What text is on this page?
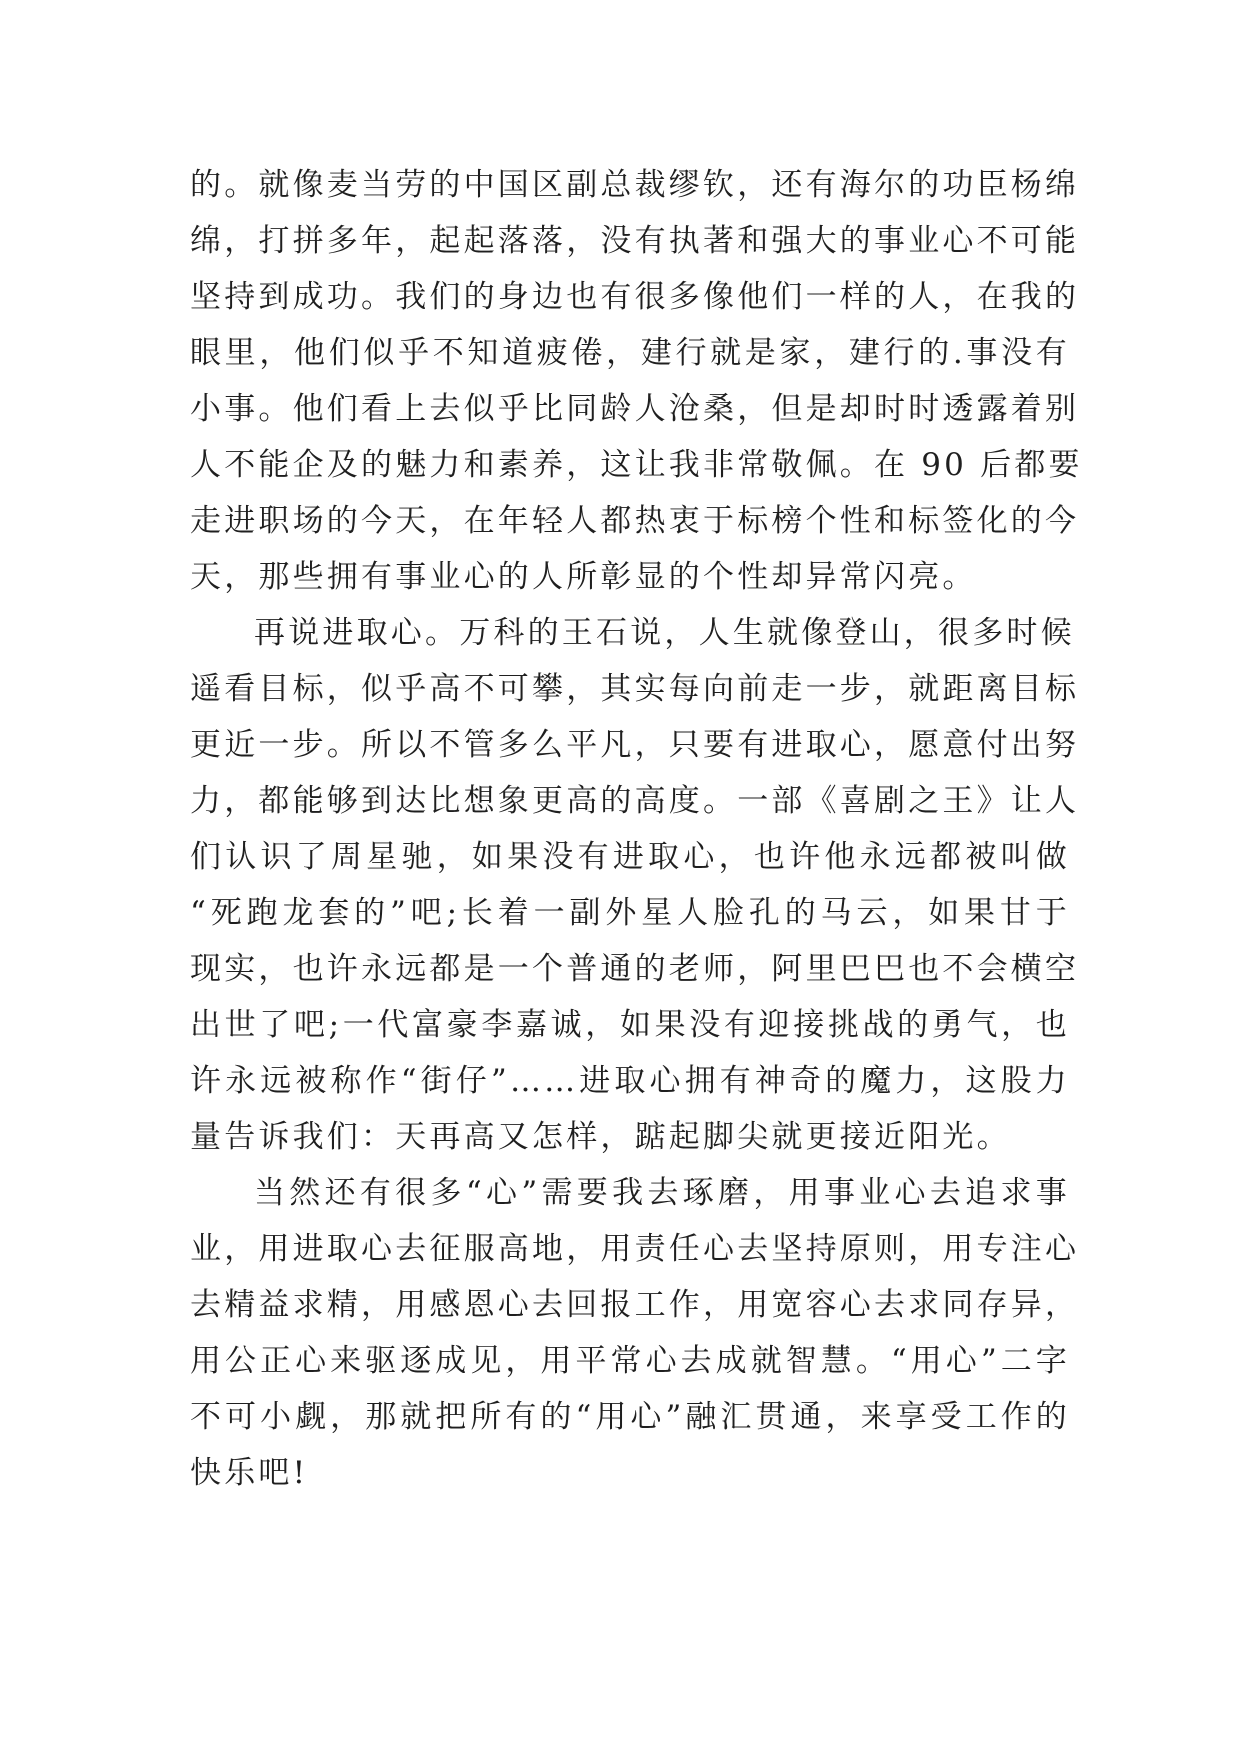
的。就像麦当劳的中国区副总裁缪钦，还有海尔的功臣杨绵
绵，打拼多年，起起落落，没有执著和强大的事业心不可能
坚持到成功。我们的身边也有很多像他们一样的人，在我的
眼里，他们似乎不知道疲倦，建行就是家，建行的.事没有
小事。他们看上去似乎比同龄人沧桑，但是却时时透露着别
人不能企及的魅力和素养，这让我非常敬佩。在 90 后都要
走进职场的今天，在年轻人都热衷于标榜个性和标签化的今
天，那些拥有事业心的人所彰显的个性却异常闪亮。
再说进取心。万科的王石说，人生就像登山，很多时候
遥看目标，似乎高不可攀，其实每向前走一步，就距离目标
更近一步。所以不管多么平凡，只要有进取心，愿意付出努
力，都能够到达比想象更高的高度。一部《喜剧之王》让人
们认识了周星驰，如果没有进取心，也许他永远都被叫做
“死跑龙套的”吧;长着一副外星人脸孔的马云，如果甘于
现实，也许永远都是一个普通的老师，阿里巴巴也不会横空
出世了吧;一代富豪李嘉诚，如果没有迎接挑战的勇气，也
许永远被称作“街仔”……进取心拥有神奇的魔力，这股力
量告诉我们：天再高又怎样，踮起脚尖就更接近阳光。
当然还有很多“心”需要我去琢磨，用事业心去追求事
业，用进取心去征服高地，用责任心去坚持原则，用专注心
去精益求精，用感恩心去回报工作，用宽容心去求同存异，
用公正心来驱逐成见，用平常心去成就智慧。“用心”二字
不可小觑，那就把所有的“用心”融汇贯通，来享受工作的
快乐吧!
